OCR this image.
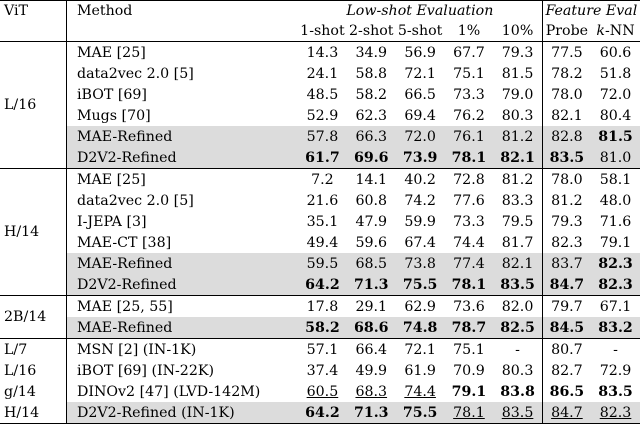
ViT	Method	Low-shot Evaluation					Feature Eval	
		1-shot	2-shot	5-shot	1%	10%	Probe	k-NN
L/16	MAE [25]	14.3	34.9	56.9	67.7	79.3	77.5	60.6
	data2vec 2.0 [5]	24.1	58.8	72.1	75.1	81.5	78.2	51.8
	iBOT [69]	48.5	58.2	66.5	73.3	79.0	78.0	72.0
	Mugs [70]	52.9	62.3	69.4	76.2	80.3	82.1	80.4
	MAE-Refined	57.8	66.3	72.0	76.1	81.2	82.8	81.5
	D2V2-Refined	61.7	69.6	73.9	78.1	82.1	83.5	81.0
H/14	MAE [25]	7.2	14.1	40.2	72.8	81.2	78.0	58.1
	data2vec 2.0 [5]	21.6	60.8	74.2	77.6	83.3	81.2	48.0
	I-JEPA [3]	35.1	47.9	59.9	73.3	79.5	79.3	71.6
	MAE-CT [38]	49.4	59.6	67.4	74.4	81.7	82.3	79.1
	MAE-Refined	59.5	68.5	73.8	77.4	82.1	83.7	82.3
	D2V2-Refined	64.2	71.3	75.5	78.1	83.5	84.7	82.3
2B/14	MAE [25, 55]	17.8	29.1	62.9	73.6	82.0	79.7	67.1
	MAE-Refined	58.2	68.6	74.8	78.7	82.5	84.5	83.2
L/7	MSN [2] (IN-1K)	57.1	66.4	72.1	75.1	-	80.7	-
L/16	iBOT [69] (IN-22K)	37.4	49.9	61.9	70.9	80.3	82.7	72.9
g/14	DINOv2 [47] (LVD-142M)	60.5	68.3	74.4	79.1	83.8	86.5	83.5
H/14	D2V2-Refined (IN-1K)	64.2	71.3	75.5	78.1	83.5	84.7	82.3
